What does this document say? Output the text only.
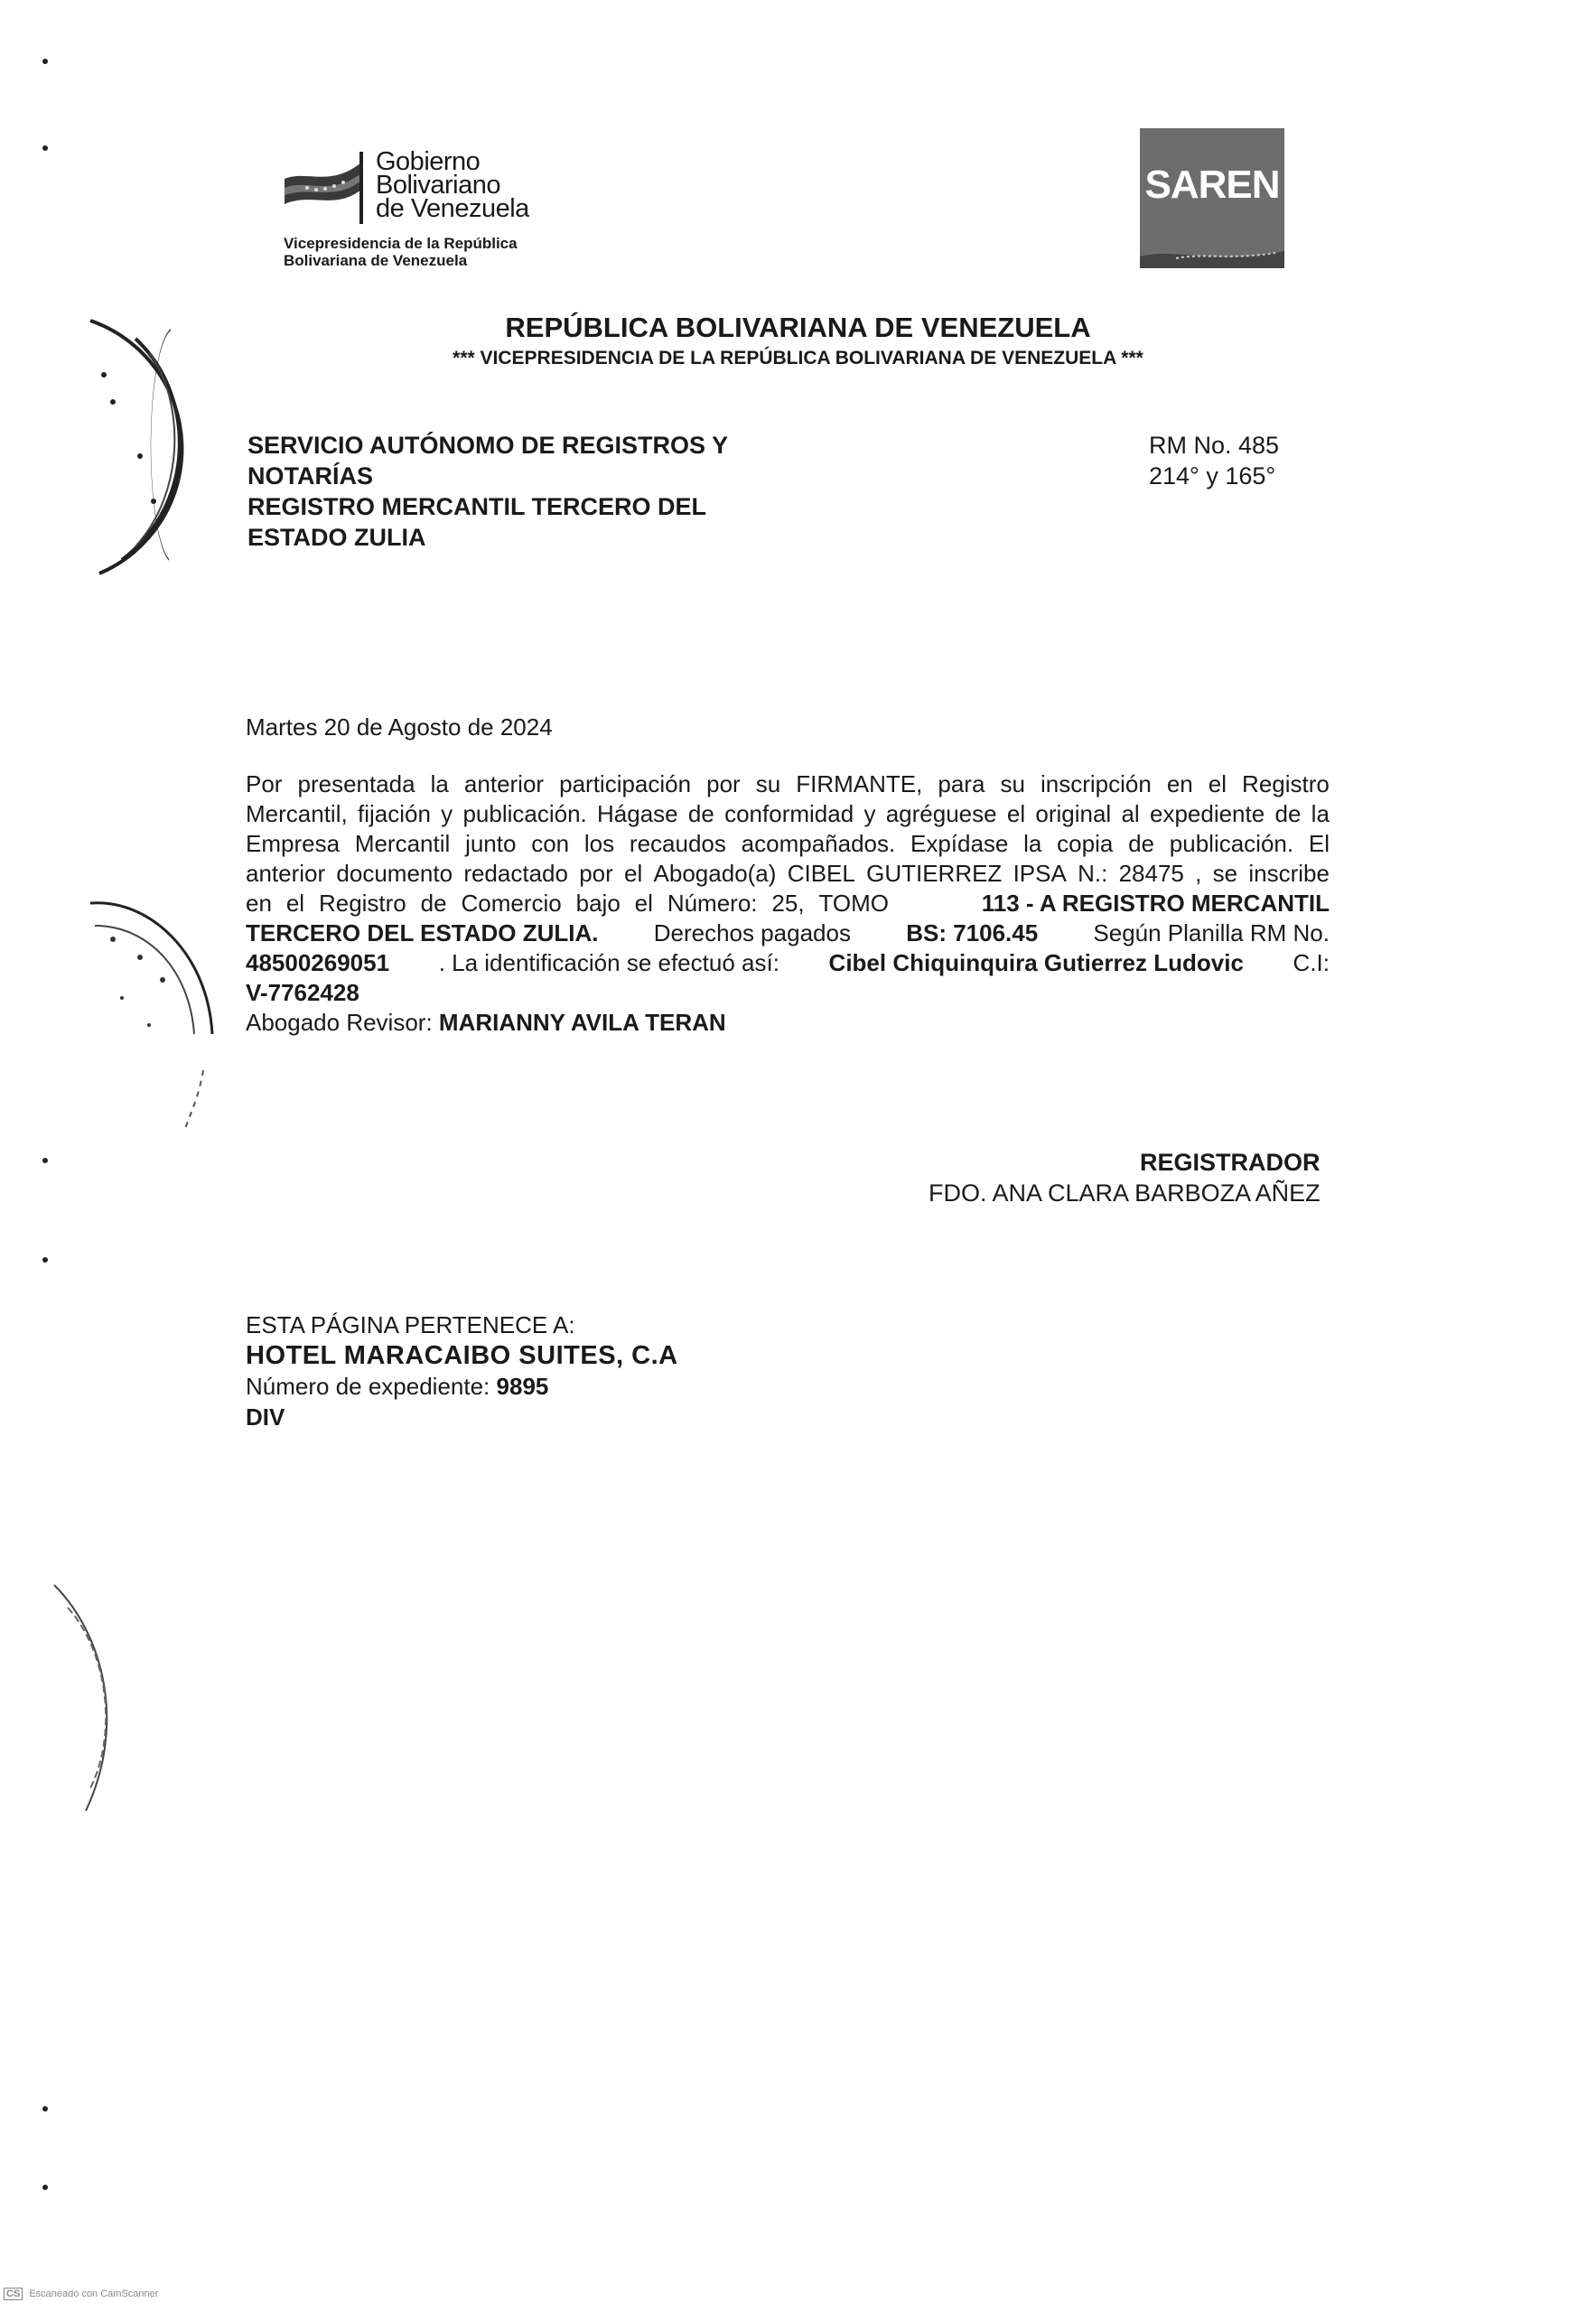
Gobierno
Bolivariano
de Venezuela
Vicepresidencia de la República
Bolivariana de Venezuela
SAREN
REPÚBLICA BOLIVARIANA DE VENEZUELA
*** VICEPRESIDENCIA DE LA REPÚBLICA BOLIVARIANA DE VENEZUELA ***
SERVICIO AUTÓNOMO DE REGISTROS Y
NOTARÍAS
REGISTRO MERCANTIL TERCERO DEL
ESTADO ZULIA
RM No. 485
214° y 165°
Martes 20 de Agosto de 2024
Por presentada la anterior participación por su FIRMANTE, para su inscripción en el Registro
Mercantil, fijación y publicación. Hágase de conformidad y agréguese el original al expediente de la
Empresa Mercantil junto con los recaudos acompañados. Expídase la copia de publicación. El
anterior documento redactado por el Abogado(a) CIBEL GUTIERREZ IPSA N.: 28475 , se inscribe
en el Registro de Comercio bajo el Número: 25, TOMO	113 - A REGISTRO MERCANTIL
TERCERO DEL ESTADO ZULIA. Derechos pagados BS: 7106.45 Según Planilla RM No.
48500269051 . La identificación se efectuó así: Cibel Chiquinquira Gutierrez Ludovic C.I:
V-7762428
Abogado Revisor: MARIANNY AVILA TERAN
REGISTRADOR
FDO. ANA CLARA BARBOZA AÑEZ
ESTA PÁGINA PERTENECE A:
HOTEL MARACAIBO SUITES, C.A
Número de expediente: 9895
DIV
CS Escaneado con CamScanner
